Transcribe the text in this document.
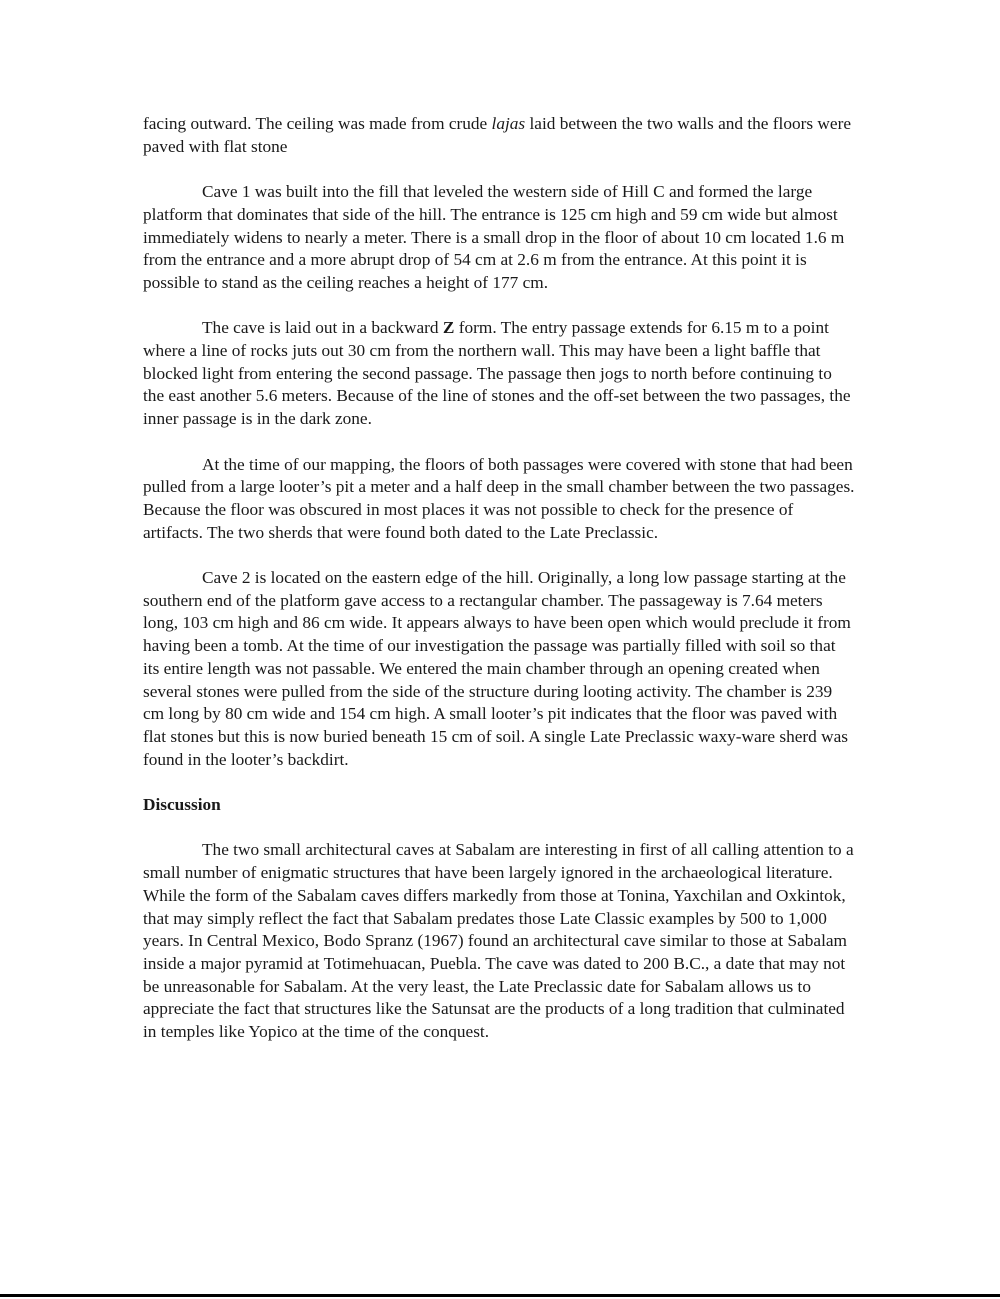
facing outward. The ceiling was made from crude lajas laid between the two walls and the floors were paved with flat stone

Cave 1 was built into the fill that leveled the western side of Hill C and formed the large platform that dominates that side of the hill. The entrance is 125 cm high and 59 cm wide but almost immediately widens to nearly a meter. There is a small drop in the floor of about 10 cm located 1.6 m from the entrance and a more abrupt drop of 54 cm at 2.6 m from the entrance. At this point it is possible to stand as the ceiling reaches a height of 177 cm.

The cave is laid out in a backward Z form. The entry passage extends for 6.15 m to a point where a line of rocks juts out 30 cm from the northern wall. This may have been a light baffle that blocked light from entering the second passage. The passage then jogs to north before continuing to the east another 5.6 meters. Because of the line of stones and the off-set between the two passages, the inner passage is in the dark zone.

At the time of our mapping, the floors of both passages were covered with stone that had been pulled from a large looter’s pit a meter and a half deep in the small chamber between the two passages. Because the floor was obscured in most places it was not possible to check for the presence of artifacts. The two sherds that were found both dated to the Late Preclassic.

Cave 2 is located on the eastern edge of the hill. Originally, a long low passage starting at the southern end of the platform gave access to a rectangular chamber. The passageway is 7.64 meters long, 103 cm high and 86 cm wide. It appears always to have been open which would preclude it from having been a tomb. At the time of our investigation the passage was partially filled with soil so that its entire length was not passable. We entered the main chamber through an opening created when several stones were pulled from the side of the structure during looting activity. The chamber is 239 cm long by 80 cm wide and 154 cm high. A small looter’s pit indicates that the floor was paved with flat stones but this is now buried beneath 15 cm of soil. A single Late Preclassic waxy-ware sherd was found in the looter’s backdirt.

Discussion

The two small architectural caves at Sabalam are interesting in first of all calling attention to a small number of enigmatic structures that have been largely ignored in the archaeological literature. While the form of the Sabalam caves differs markedly from those at Tonina, Yaxchilan and Oxkintok, that may simply reflect the fact that Sabalam predates those Late Classic examples by 500 to 1,000 years. In Central Mexico, Bodo Spranz (1967) found an architectural cave similar to those at Sabalam inside a major pyramid at Totimehuacan, Puebla. The cave was dated to 200 B.C., a date that may not be unreasonable for Sabalam. At the very least, the Late Preclassic date for Sabalam allows us to appreciate the fact that structures like the Satunsat are the products of a long tradition that culminated in temples like Yopico at the time of the conquest.
